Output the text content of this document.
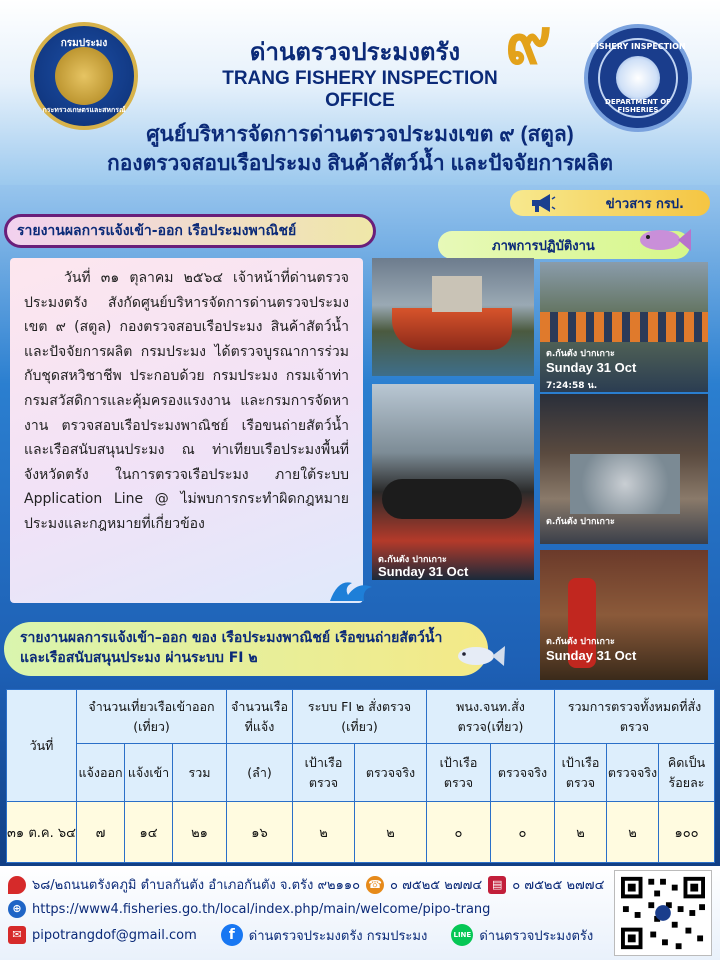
กรมประมง
กระทรวงเกษตรและสหกรณ์
ด่านตรวจประมงตรัง
TRANG FISHERY INSPECTION OFFICE
๙	FISHERY INSPECTION
DEPARTMENT OF FISHERIES
ศูนย์บริหารจัดการด่านตรวจประมงเขต ๙ (สตูล)
กองตรวจสอบเรือประมง สินค้าสัตว์น้ำ และปัจจัยการผลิต
ข่าวสาร กรป.
รายงานผลการแจ้งเข้า-ออก เรือประมงพาณิชย์
ภาพการปฏิบัติงาน

วันที่ ๓๑ ตุลาคม ๒๕๖๔ เจ้าหน้าที่ด่านตรวจประมงตรัง สังกัดศูนย์บริหารจัดการด่านตรวจประมง เขต ๙ (สตูล) กองตรวจสอบเรือประมง สินค้าสัตว์น้ำ และปัจจัยการผลิต กรมประมง ได้ตรวจบูรณาการร่วมกับชุดสหวิชาชีพ ประกอบด้วย กรมประมง กรมเจ้าท่า กรมสวัสดิการและคุ้มครองแรงงาน และกรมการจัดหางาน ตรวจสอบเรือประมงพาณิชย์ เรือขนถ่ายสัตว์น้ำและเรือสนับสนุนประมง ณ ท่าเทียบเรือประมงพื้นที่จังหวัดตรัง ในการตรวจเรือประมง ภายใต้ระบบ Application Line @ ไม่พบการกระทำผิดกฎหมายประมงและกฎหมายที่เกี่ยวข้อง

ต.กันตัง ปากเกาะ
Sunday 31 Oct
7:24:58 น.
ต.กันตัง ปากเกาะ
Sunday 31 Oct
ต.กันตัง ปากเกาะ
ต.กันตัง ปากเกาะ
Sunday 31 Oct
รายงานผลการแจ้งเข้า–ออก ของ เรือประมงพาณิชย์ เรือขนถ่ายสัตว์น้ำ
และเรือสนับสนุนประมง ผ่านระบบ FI ๒
วันที่	จำนวนเที่ยวเรือเข้าออก (เที่ยว)			จำนวนเรือที่แจ้ง	ระบบ FI ๒ สั่งตรวจ (เที่ยว)		พนง.จนท.สั่งตรวจ(เที่ยว)		รวมการตรวจทั้งหมดที่สั่งตรวจ		
	แจ้งออก	แจ้งเข้า	รวม	(ลำ)	เป้าเรือตรวจ	ตรวจจริง	เป้าเรือตรวจ	ตรวจจริง	เป้าเรือตรวจ	ตรวจจริง	คิดเป็นร้อยละ
๓๑ ต.ค. ๖๔	๗	๑๔	๒๑	๑๖	๒	๒	๐	๐	๒	๒	๑๐๐
๖๘/๒ถนนตรังคภูมิ ตำบลกันตัง อำเภอกันตัง จ.ตรัง ๙๒๑๑๐ ☎ ๐ ๗๕๒๕ ๒๗๗๔ ▤ ๐ ๗๕๒๕ ๒๗๗๔
⊕ https://www4.fisheries.go.th/local/index.php/main/welcome/pipo-trang
✉ pipotrangdof@gmail.com	f	ด่านตรวจประมงตรัง กรมประมง	LINE ด่านตรวจประมงตรัง
